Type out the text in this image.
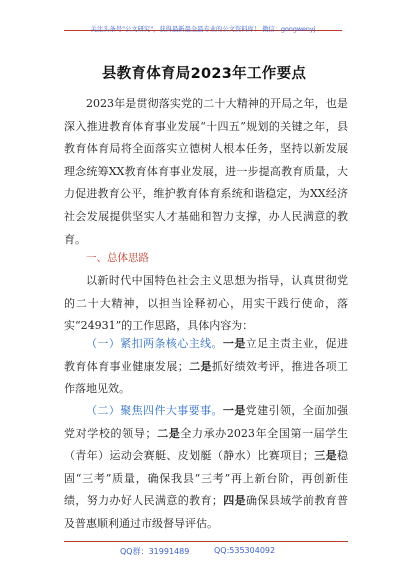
关注头条号"公文研究"，获得最新最全最专业的公文资料库！ 微信：gongwenyj
县教育体育局2023年工作要点

2023年是贯彻落实党的二十大精神的开局之年，也是深入推进教育体育事业发展“十四五”规划的关键之年，县教育体育局将全面落实立德树人根本任务，坚持以新发展理念统筹XX教育体育事业发展，进一步提高教育质量，大力促进教育公平，维护教育体育系统和谐稳定，为XX经济社会发展提供坚实人才基础和智力支撑，办人民满意的教育。

一、总体思路

以新时代中国特色社会主义思想为指导，认真贯彻党的二十大精神，以担当诠释初心，用实干践行使命，落实“24931”的工作思路，具体内容为：

（一）紧扣两条核心主线。一是立足主责主业，促进教育体育事业健康发展；二是抓好绩效考评，推进各项工作落地见效。

（二）聚焦四件大事要事。一是党建引领，全面加强党对学校的领导；二是全力承办2023年全国第一届学生（青年）运动会赛艇、皮划艇（静水）比赛项目；三是稳固“三考”质量，确保我县“三考”再上新台阶，再创新佳绩，努力办好人民满意的教育；四是确保县域学前教育普及普惠顺利通过市级督导评估。

QQ群：31991489	QQ:535304092
